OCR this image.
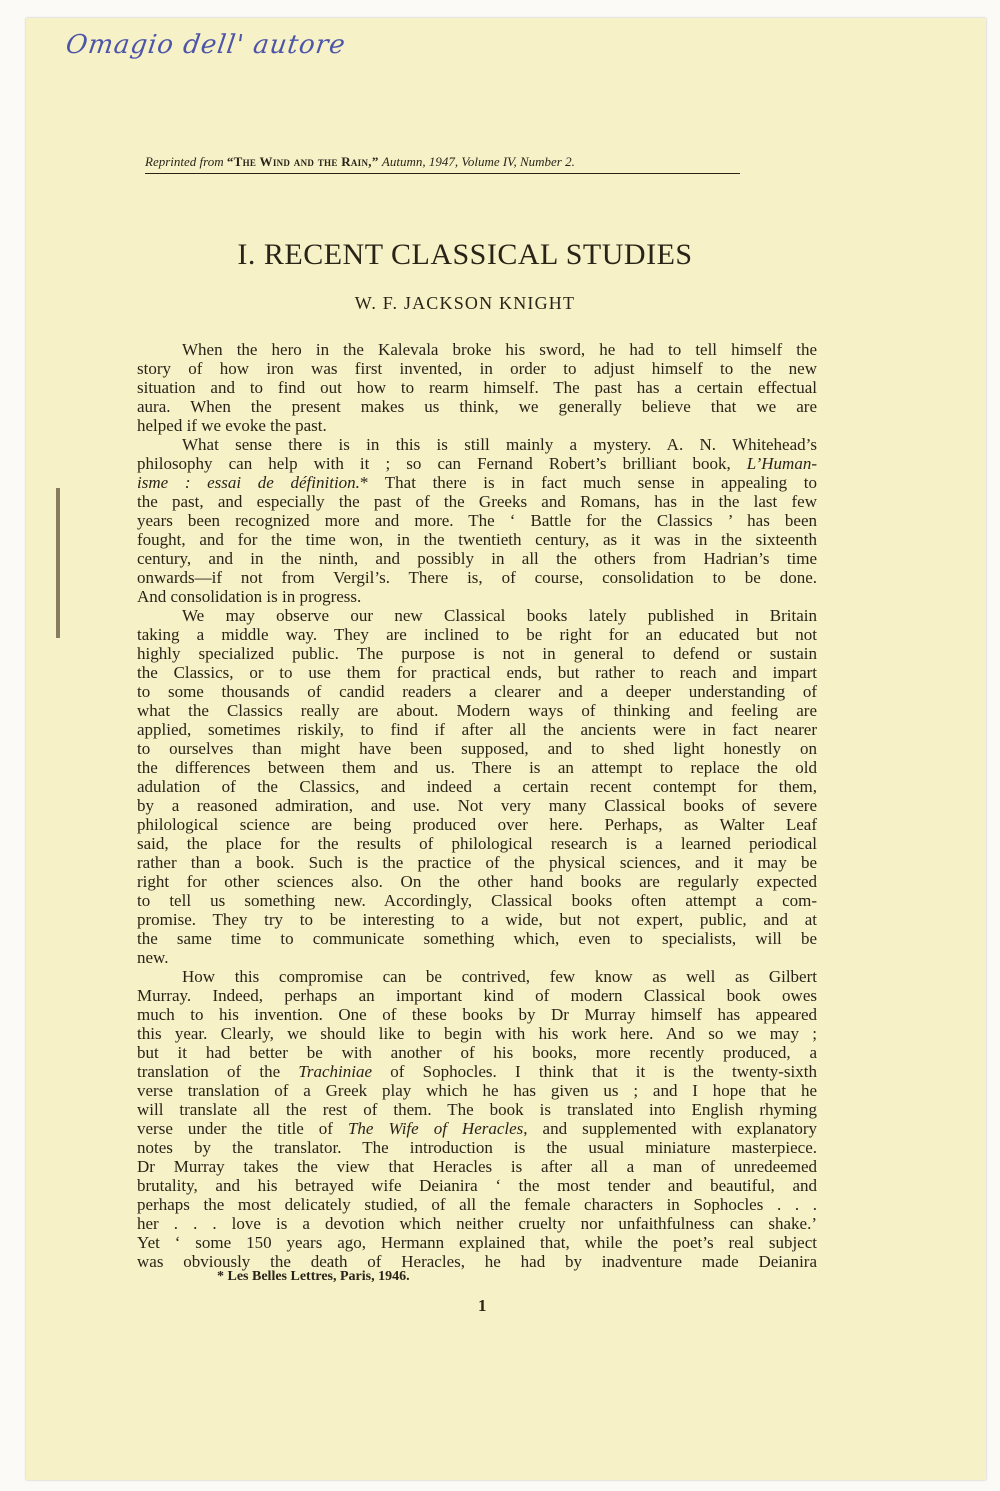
Omagio dell' autore
Reprinted from “The Wind and the Rain,” Autumn, 1947, Volume IV, Number 2.
I. RECENT CLASSICAL STUDIES
W. F. JACKSON KNIGHT
When the hero in the Kalevala broke his sword, he had to tell himself the
story of how iron was first invented, in order to adjust himself to the new
situation and to find out how to rearm himself. The past has a certain effectual
aura. When the present makes us think, we generally believe that we are
helped if we evoke the past.
What sense there is in this is still mainly a mystery. A. N. Whitehead’s
philosophy can help with it ; so can Fernand Robert’s brilliant book, L’Human-
isme : essai de définition.* That there is in fact much sense in appealing to
the past, and especially the past of the Greeks and Romans, has in the last few
years been recognized more and more. The ‘ Battle for the Classics ’ has been
fought, and for the time won, in the twentieth century, as it was in the sixteenth
century, and in the ninth, and possibly in all the others from Hadrian’s time
onwards—if not from Vergil’s. There is, of course, consolidation to be done.
And consolidation is in progress.
We may observe our new Classical books lately published in Britain
taking a middle way. They are inclined to be right for an educated but not
highly specialized public. The purpose is not in general to defend or sustain
the Classics, or to use them for practical ends, but rather to reach and impart
to some thousands of candid readers a clearer and a deeper understanding of
what the Classics really are about. Modern ways of thinking and feeling are
applied, sometimes riskily, to find if after all the ancients were in fact nearer
to ourselves than might have been supposed, and to shed light honestly on
the differences between them and us. There is an attempt to replace the old
adulation of the Classics, and indeed a certain recent contempt for them,
by a reasoned admiration, and use. Not very many Classical books of severe
philological science are being produced over here. Perhaps, as Walter Leaf
said, the place for the results of philological research is a learned periodical
rather than a book. Such is the practice of the physical sciences, and it may be
right for other sciences also. On the other hand books are regularly expected
to tell us something new. Accordingly, Classical books often attempt a com-
promise. They try to be interesting to a wide, but not expert, public, and at
the same time to communicate something which, even to specialists, will be
new.
How this compromise can be contrived, few know as well as Gilbert
Murray. Indeed, perhaps an important kind of modern Classical book owes
much to his invention. One of these books by Dr Murray himself has appeared
this year. Clearly, we should like to begin with his work here. And so we may ;
but it had better be with another of his books, more recently produced, a
translation of the Trachiniae of Sophocles. I think that it is the twenty-sixth
verse translation of a Greek play which he has given us ; and I hope that he
will translate all the rest of them. The book is translated into English rhyming
verse under the title of The Wife of Heracles, and supplemented with explanatory
notes by the translator. The introduction is the usual miniature masterpiece.
Dr Murray takes the view that Heracles is after all a man of unredeemed
brutality, and his betrayed wife Deianira ‘ the most tender and beautiful, and
perhaps the most delicately studied, of all the female characters in Sophocles . . .
her . . . love is a devotion which neither cruelty nor unfaithfulness can shake.’
Yet ‘ some 150 years ago, Hermann explained that, while the poet’s real subject
was obviously the death of Heracles, he had by inadventure made Deianira
* Les Belles Lettres, Paris, 1946.
1
